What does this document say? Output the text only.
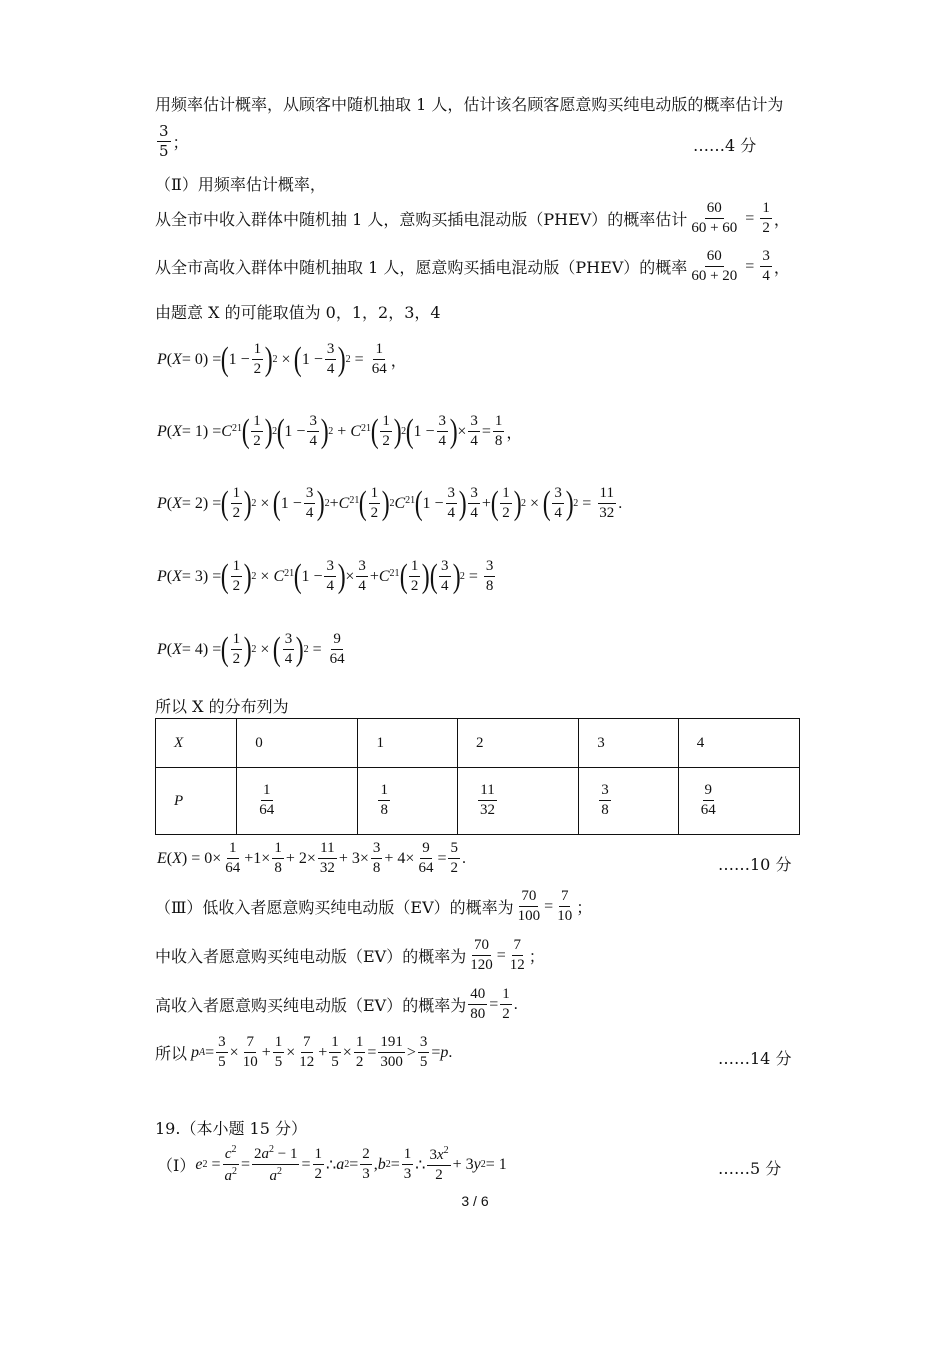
用频率估计概率，从顾客中随机抽取 1 人，估计该名顾客愿意购买纯电动版的概率估计为
$\frac{3}{5}$ ；	……4 分
（Ⅱ）用频率估计概率，
从全市中收入群体中随机抽 1 人，意购买插电混动版（PHEV）的概率估计 $\frac{60}{60 + 60} = \frac{1}{2}$ ，
从全市高收入群体中随机抽取 1 人，愿意购买插电混动版（PHEV）的概率 $\frac{60}{60 + 20} = \frac{3}{4}$ ，
由题意 X 的可能取值为 0，1，2，3，4
P ( X = 0) = ( $1 - \frac{1}{2}$ ) 2 × ( $1 - \frac{3}{4}$ ) $2 = \frac{1}{64}$ ，
P ( $X = 1) = C^2$ 1 ( $\frac{1}{2}$ ) 2 ( $1 - \frac{3}{4}$ ) $2 + C^2$ 1 ( $\frac{1}{2}$ ) 2 ( $1 - \frac{3}{4}$ ) × $\frac{3}{4} = \frac{1}{8}$ ，
P ( X = 2) = ( $\frac{1}{2}$ ) 2 × ( $1 - \frac{3}{4}$ ) $2 + C^2$ 1 ( $\frac{1}{2}$ ) 2 $C^2$ 1 ( $1 - \frac{3}{4}$ ) $\frac{3}{4}$ + ( $\frac{1}{2}$ ) 2 × ( $\frac{3}{4}$ ) $2 = \frac{11}{32}$ .
P ( X = 3) = ( $\frac{1}{2}$ ) $2 \times C^2$ 1 ( $1 - \frac{3}{4}$ ) × $\frac{3}{4} + C^2$ 1 ( $\frac{1}{2}$ ) ( $\frac{3}{4}$ ) $2 = \frac{3}{8}$
P ( X = 4) = ( $\frac{1}{2}$ ) 2 × ( $\frac{3}{4}$ ) $2 = \frac{9}{64}$
所以 X 的分布列为
X	0	1	2	3	4
P	$\frac{1}{64}$	$\frac{1}{8}$	$\frac{11}{32}$	$\frac{3}{8}$	$\frac{9}{64}$
E ( X ) = $0\times \frac{1}{64} +1\times \frac{1}{8} + 2\times \frac{11}{32} + 3\times \frac{3}{8} + 4\times \frac{9}{64} = \frac{5}{2}$ .	……10 分
（Ⅲ）低收入者愿意购买纯电动版（EV）的概率为 $\frac{70}{100} = \frac{7}{10}$ ；
中收入者愿意购买纯电动版（EV）的概率为 $\frac{70}{120} = \frac{7}{12}$ ；
高收入者愿意购买纯电动版（EV）的概率为 $\frac{40}{80} = \frac{1}{2}$ .
所以
p $A = \frac{3}{5} \times \frac{7}{10} + \frac{1}{5} \times \frac{7}{12} + \frac{1}{5} \times \frac{1}{2} = \frac{191}{300} > \frac{3}{5} = p$ .	……14 分
19.（本小题 15 分）
（Ⅰ） e $2 = \frac{c^2}{a^2} = \frac{2a^2 - 1}{a^2} = \frac{1}{2}$ ∴ a $2 = \frac{2}{3}$ , b $2 = \frac{1}{3}$ ∴ $\frac{3x^2}{2} + 3$ y 2 = 1	……5 分
3 / 6
